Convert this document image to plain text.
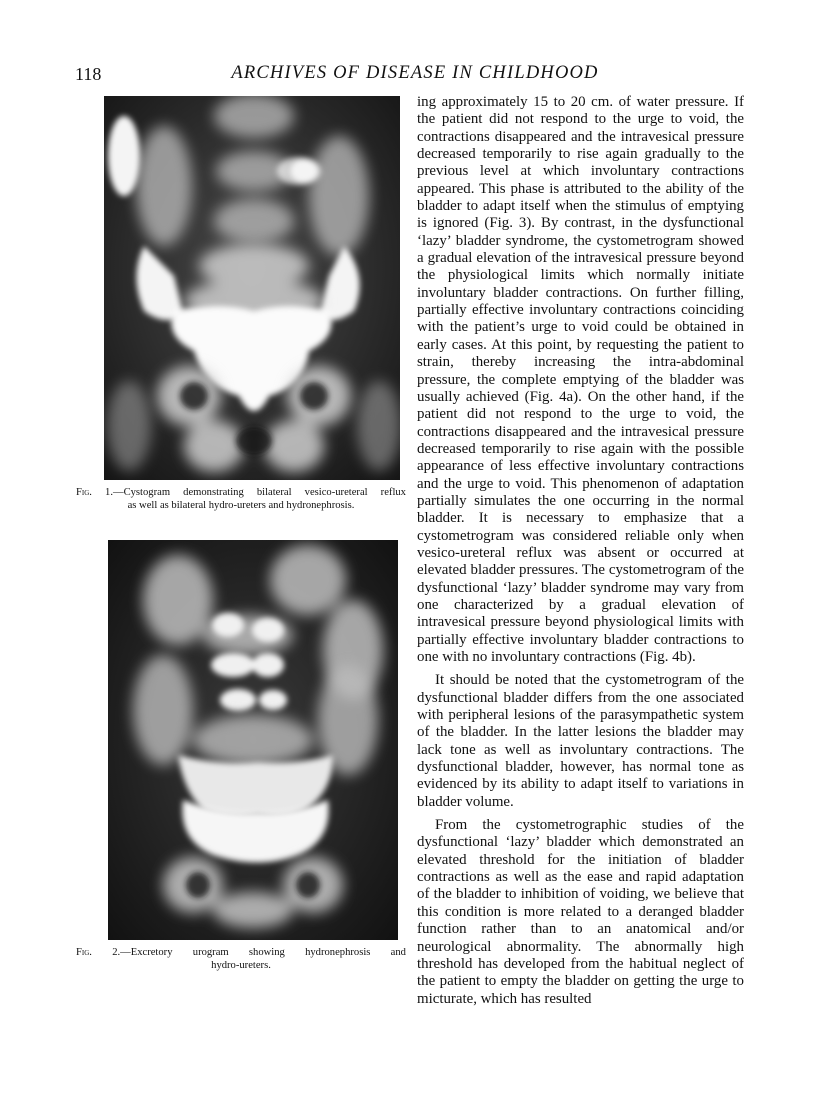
118	ARCHIVES OF DISEASE IN CHILDHOOD
Fig. 1.—Cystogram demonstrating bilateral vesico-ureteral reflux
as well as bilateral hydro-ureters and hydronephrosis.
Fig. 2.—Excretory urogram showing hydronephrosis and
hydro-ureters.

ing approximately 15 to 20 cm. of water pressure. If the patient did not respond to the urge to void, the contractions disappeared and the intravesical pressure decreased temporarily to rise again gradually to the previous level at which involuntary contractions appeared. This phase is attributed to the ability of the bladder to adapt itself when the stimulus of emptying is ignored (Fig. 3). By contrast, in the dysfunctional ‘lazy’ bladder syndrome, the cystometrogram showed a gradual elevation of the intravesical pressure beyond the physiological limits which normally initiate involuntary bladder contractions. On further filling, partially effective involuntary contractions coinciding with the patient’s urge to void could be obtained in early cases. At this point, by requesting the patient to strain, thereby increasing the intra-abdominal pressure, the complete emptying of the bladder was usually achieved (Fig. 4a). On the other hand, if the patient did not respond to the urge to void, the contractions disappeared and the intravesical pressure decreased temporarily to rise again with the possible appearance of less effective involuntary contractions and the urge to void. This phenomenon of adaptation partially simulates the one occurring in the normal bladder. It is necessary to emphasize that a cystometrogram was considered reliable only when vesico-ureteral reflux was absent or occurred at elevated bladder pressures. The cystometrogram of the dysfunctional ‘lazy’ bladder syndrome may vary from one characterized by a gradual elevation of intravesical pressure beyond physiological limits with partially effective involuntary bladder contractions to one with no involuntary contractions (Fig. 4b).

It should be noted that the cystometrogram of the dysfunctional bladder differs from the one associated with peripheral lesions of the parasympathetic system of the bladder. In the latter lesions the bladder may lack tone as well as involuntary contractions. The dysfunctional bladder, however, has normal tone as evidenced by its ability to adapt itself to variations in bladder volume.

From the cystometrographic studies of the dysfunctional ‘lazy’ bladder which demonstrated an elevated threshold for the initiation of bladder contractions as well as the ease and rapid adaptation of the bladder to inhibition of voiding, we believe that this condition is more related to a deranged bladder function rather than to an anatomical and/or neurological abnormality. The abnormally high threshold has developed from the habitual neglect of the patient to empty the bladder on getting the urge to micturate, which has resulted
